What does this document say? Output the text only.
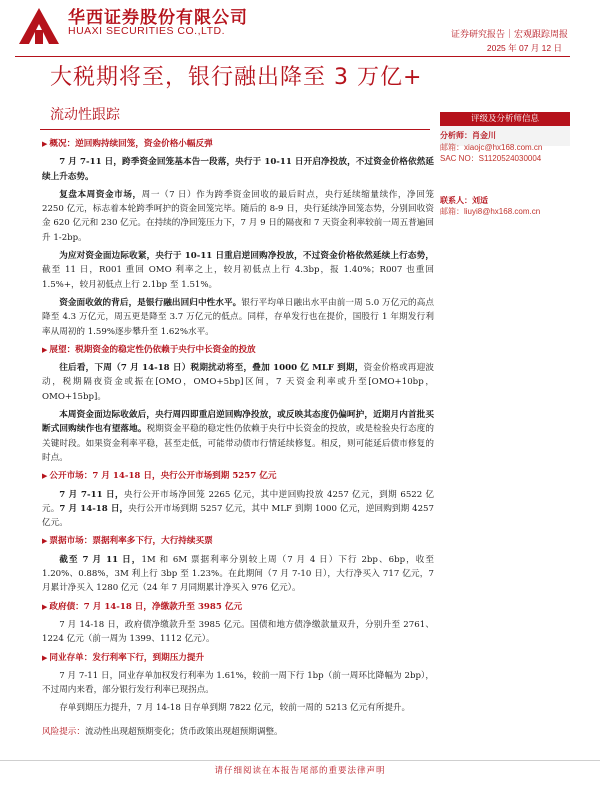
华西证券股份有限公司
HUAXI SECURITIES CO.,LTD.	证券研究报告｜宏观跟踪周报
2025 年 07 月 12 日
大税期将至，银行融出降至 3 万亿+
流动性跟踪	评级及分析师信息
分析师：肖金川
邮箱：xiaojc@hx168.com.cn
SAC NO：S1120524030004
联系人：刘适
邮箱：liuyi8@hx168.com.cn

▶ 概况：逆回购持续回笼，资金价格小幅反弹

7 月 7-11 日，跨季资金回笼基本告一段落，央行于 10-11 日开启净投放，不过资金价格依然延续上升态势。

复盘本周资金市场，周一（7 日）作为跨季资金回收的最后时点，央行延续缩量续作，净回笼 2250 亿元，标志着本轮跨季呵护的资金回笼完毕。随后的 8-9 日，央行延续净回笼态势，分别回收资金 620 亿元和 230 亿元。在持续的净回笼压力下，7 月 9 日的隔夜和 7 天资金利率较前一周五普遍回升 1-2bp。

为应对资金面边际收紧，央行于 10-11 日重启逆回购净投放，不过资金价格依然延续上行态势，截至 11 日，R001 重回 OMO 利率之上，较月初低点上行 4.3bp，报 1.40%；R007 也重回 1.5%+，较月初低点上行 2.1bp 至 1.51%。

资金面收敛的背后，是银行融出回归中性水平。银行平均单日融出水平由前一周 5.0 万亿元的高点降至 4.3 万亿元，周五更是降至 3.7 万亿元的低点。同样，存单发行也在提价，国股行 1 年期发行利率从周初的 1.59%逐步攀升至 1.62%水平。

▶ 展望：税期资金的稳定性仍依赖于央行中长资金的投放

往后看，下周（7 月 14-18 日）税期扰动将至，叠加 1000 亿 MLF 到期，资金价格或再迎波动，税期隔夜资金或振在[OMO，OMO+5bp]区间，7 天资金利率或升至[OMO+10bp，OMO+15bp]。

本周资金面边际收敛后，央行周四即重启逆回购净投放，或反映其态度仍偏呵护，近期月内首批买断式回购续作也有望落地。税期资金平稳的稳定性仍依赖于央行中长资金的投放，或是检验央行态度的关键时段。如果资金利率平稳，甚至走低，可能带动债市行情延续修复。相反，则可能延后债市修复的时点。

▶ 公开市场：7 月 14-18 日，央行公开市场到期 5257 亿元

7 月 7-11 日，央行公开市场净回笼 2265 亿元，其中逆回购投放 4257 亿元，到期 6522 亿元。7 月 14-18 日，央行公开市场到期 5257 亿元，其中 MLF 到期 1000 亿元，逆回购到期 4257 亿元。

▶ 票据市场：票据利率多下行，大行持续买票

截至 7 月 11 日，1M 和 6M 票据利率分别较上周（7 月 4 日）下行 2bp、6bp，收至 1.20%、0.88%，3M 利上行 3bp 至 1.23%。在此期间（7 月 7-10 日），大行净买入 717 亿元，7 月累计净买入 1280 亿元（24 年 7 月同期累计净买入 976 亿元）。

▶ 政府债：7 月 14-18 日，净缴款升至 3985 亿元

7 月 14-18 日，政府债净缴款升至 3985 亿元。国债和地方债净缴款量双升，分别升至 2761、1224 亿元（前一周为 1399、1112 亿元）。

▶ 同业存单：发行利率下行，到期压力提升

7 月 7-11 日，同业存单加权发行利率为 1.61%，较前一周下行 1bp（前一周环比降幅为 2bp），不过周内来看，部分银行发行利率已现拐点。

存单到期压力提升，7 月 14-18 日存单到期 7822 亿元，较前一周的 5213 亿元有所提升。

风险提示：流动性出现超预期变化；货币政策出现超预期调整。
请仔细阅读在本报告尾部的重要法律声明
